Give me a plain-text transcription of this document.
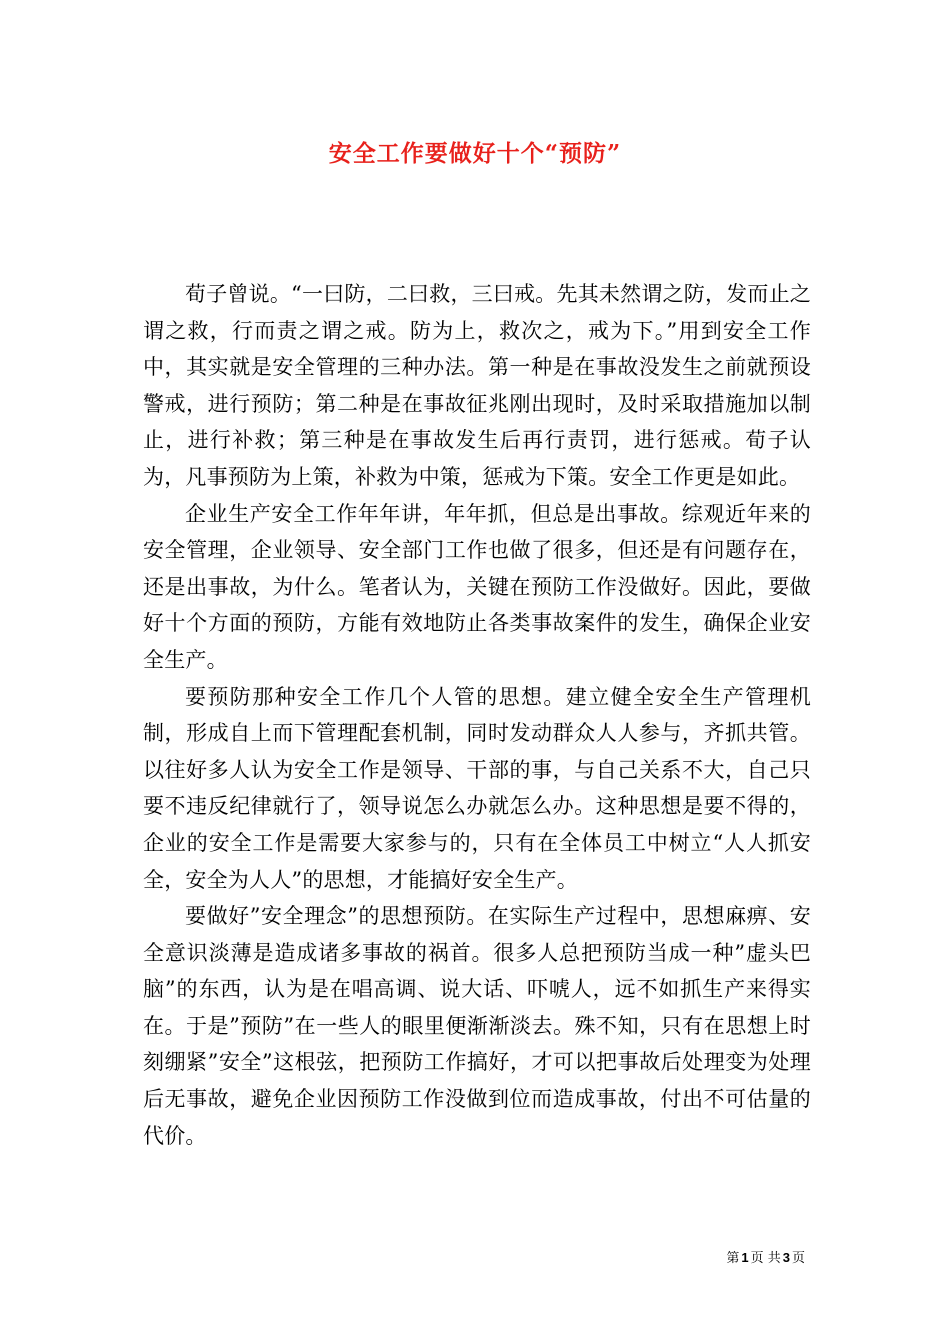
安全工作要做好十个“预防”

荀子曾说。“一曰防，二曰救，三曰戒。先其未然谓之防，发而止之谓之救，行而责之谓之戒。防为上，救次之，戒为下。”用到安全工作中，其实就是安全管理的三种办法。第一种是在事故没发生之前就预设警戒，进行预防；第二种是在事故征兆刚出现时，及时采取措施加以制止，进行补救；第三种是在事故发生后再行责罚，进行惩戒。荀子认为，凡事预防为上策，补救为中策，惩戒为下策。安全工作更是如此。

企业生产安全工作年年讲，年年抓，但总是出事故。综观近年来的安全管理，企业领导、安全部门工作也做了很多，但还是有问题存在，还是出事故，为什么。笔者认为，关键在预防工作没做好。因此，要做好十个方面的预防，方能有效地防止各类事故案件的发生，确保企业安全生产。

要预防那种安全工作几个人管的思想。建立健全安全生产管理机制，形成自上而下管理配套机制，同时发动群众人人参与，齐抓共管。以往好多人认为安全工作是领导、干部的事，与自己关系不大，自己只要不违反纪律就行了，领导说怎么办就怎么办。这种思想是要不得的，企业的安全工作是需要大家参与的，只有在全体员工中树立“人人抓安全，安全为人人”的思想，才能搞好安全生产。

要做好”安全理念”的思想预防。在实际生产过程中，思想麻痹、安全意识淡薄是造成诸多事故的祸首。很多人总把预防当成一种”虚头巴脑”的东西，认为是在唱高调、说大话、吓唬人，远不如抓生产来得实在。于是”预防”在一些人的眼里便渐渐淡去。殊不知，只有在思想上时刻绷紧”安全”这根弦，把预防工作搞好，才可以把事故后处理变为处理后无事故，避免企业因预防工作没做到位而造成事故，付出不可估量的代价。

第 1 页 共 3 页
